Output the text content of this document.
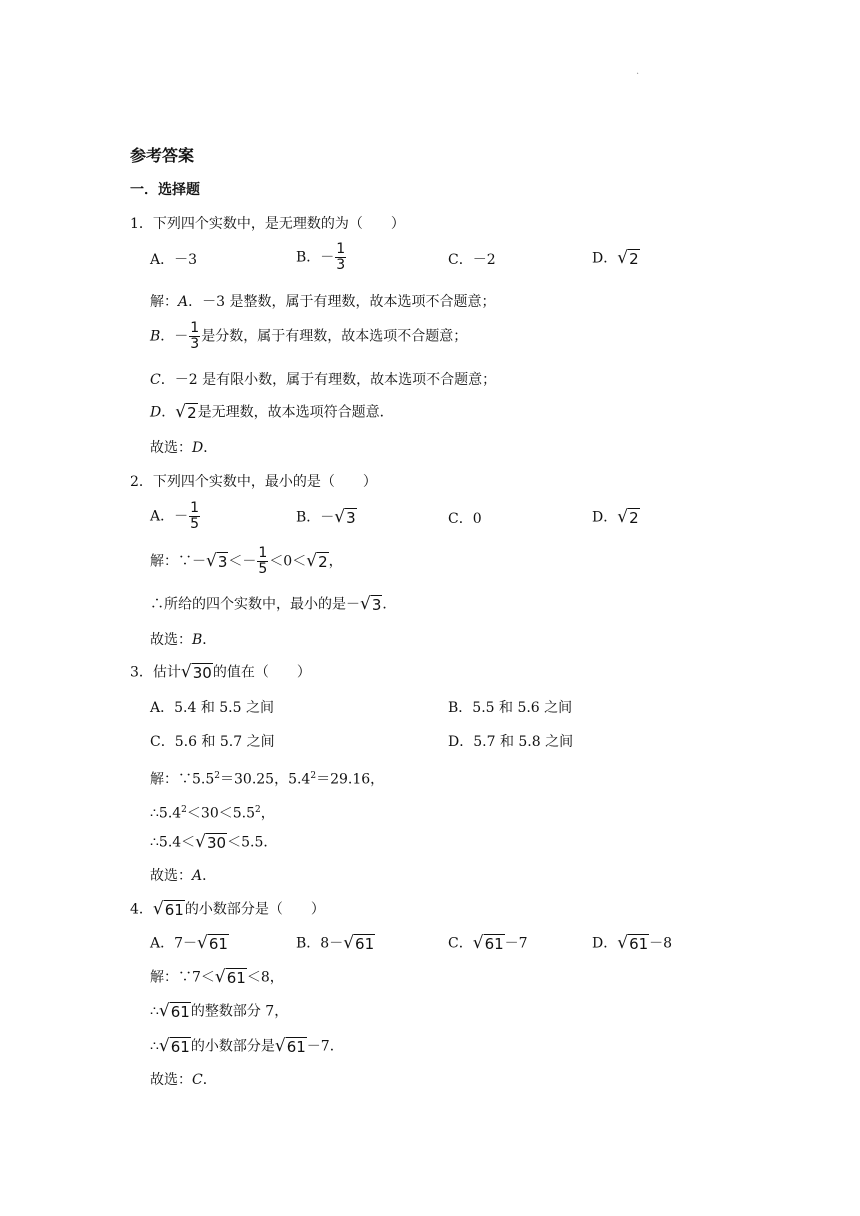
.
参考答案
一．选择题
1．下列四个实数中，是无理数的为（　　）
A．－3	B．－ $\frac{1}{3}$	C．－2	D．√2
解：A．－3 是整数，属于有理数，故本选项不合题意；
B．－ $\frac{1}{3}$ 是分数，属于有理数，故本选项不合题意；
C．－2 是有限小数，属于有理数，故本选项不合题意；
D．√2是无理数，故本选项符合题意．
故选：D．
2．下列四个实数中，最小的是（　　）
A．－ $\frac{1}{5}$	B．－√3	C．0	D．√2
解：∵－√3＜－ $\frac{1}{5} <0<√2$，
∴所给的四个实数中，最小的是－√3．
故选：B．
3．估计√30的值在（　　）
A．5.4 和 5.5 之间	B．5.5 和 5.6 之间
C．5.6 和 5.7 之间	D．5.7 和 5.8 之间
解：$\because 5.5^2=30.25$，$5.4^2=29.16$，
$\therefore 5.4^2<30<5.5^2$，
∴5.4＜√30＜5.5．
故选：A．
4．√61的小数部分是（　　）
A．7－√61	B．8－√61	C．√61－7	D．√61－8
解：∵7＜√61＜8，
∴√61的整数部分 7，
∴√61的小数部分是√61－7．
故选：C．
